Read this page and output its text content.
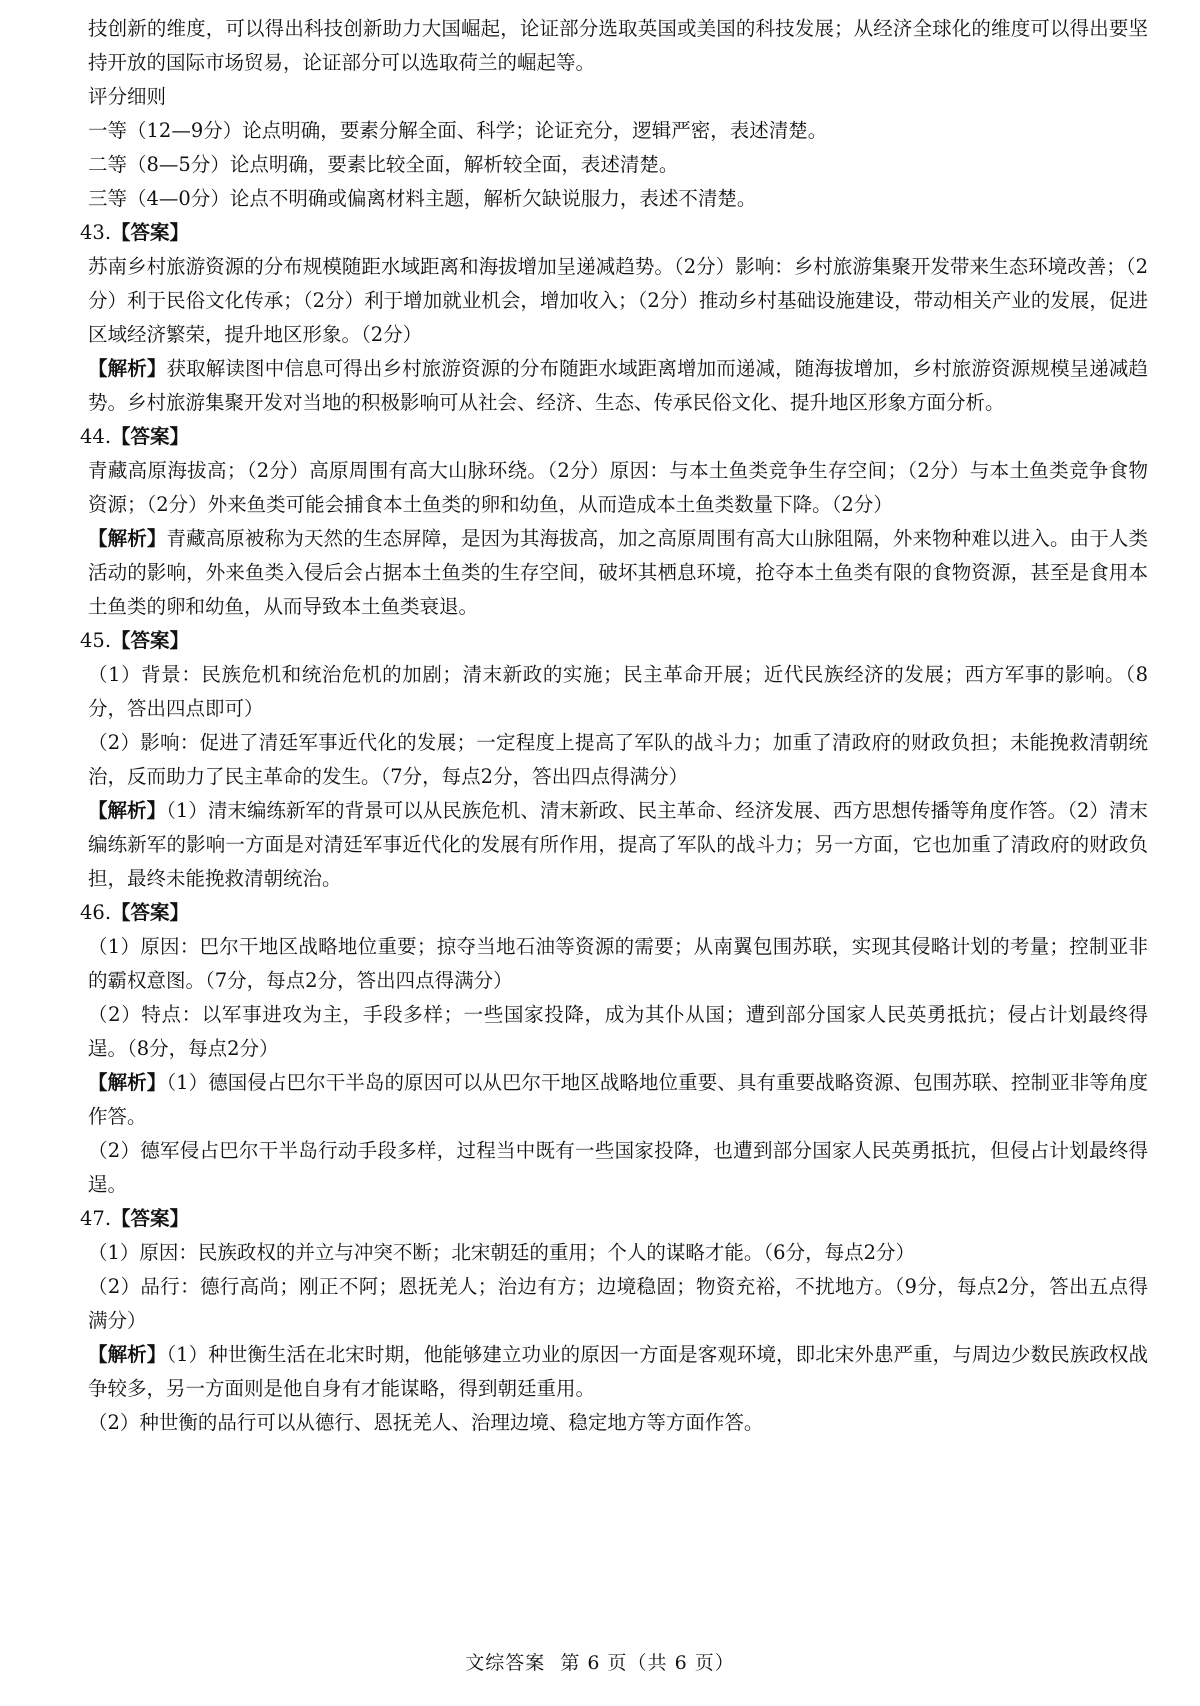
技创新的维度，可以得出科技创新助力大国崛起，论证部分选取英国或美国的科技发展；从经济全球化的维度可以得出要坚持开放的国际市场贸易，论证部分可以选取荷兰的崛起等。

评分细则

一等（12—9分）论点明确，要素分解全面、科学；论证充分，逻辑严密，表述清楚。

二等（8—5分）论点明确，要素比较全面，解析较全面，表述清楚。

三等（4—0分）论点不明确或偏离材料主题，解析欠缺说服力，表述不清楚。

43.【答案】

苏南乡村旅游资源的分布规模随距水域距离和海拔增加呈递减趋势。（2分）影响：乡村旅游集聚开发带来生态环境改善；（2分）利于民俗文化传承；（2分）利于增加就业机会，增加收入；（2分）推动乡村基础设施建设，带动相关产业的发展，促进区域经济繁荣，提升地区形象。（2分）

【解析】获取解读图中信息可得出乡村旅游资源的分布随距水域距离增加而递减，随海拔增加，乡村旅游资源规模呈递减趋势。乡村旅游集聚开发对当地的积极影响可从社会、经济、生态、传承民俗文化、提升地区形象方面分析。

44.【答案】

青藏高原海拔高；（2分）高原周围有高大山脉环绕。（2分）原因：与本土鱼类竞争生存空间；（2分）与本土鱼类竞争食物资源；（2分）外来鱼类可能会捕食本土鱼类的卵和幼鱼，从而造成本土鱼类数量下降。（2分）

【解析】青藏高原被称为天然的生态屏障，是因为其海拔高，加之高原周围有高大山脉阻隔，外来物种难以进入。由于人类活动的影响，外来鱼类入侵后会占据本土鱼类的生存空间，破坏其栖息环境，抢夺本土鱼类有限的食物资源，甚至是食用本土鱼类的卵和幼鱼，从而导致本土鱼类衰退。

45.【答案】

（1）背景：民族危机和统治危机的加剧；清末新政的实施；民主革命开展；近代民族经济的发展；西方军事的影响。（8分，答出四点即可）

（2）影响：促进了清廷军事近代化的发展；一定程度上提高了军队的战斗力；加重了清政府的财政负担；未能挽救清朝统治，反而助力了民主革命的发生。（7分，每点2分，答出四点得满分）

【解析】（1）清末编练新军的背景可以从民族危机、清末新政、民主革命、经济发展、西方思想传播等角度作答。（2）清末编练新军的影响一方面是对清廷军事近代化的发展有所作用，提高了军队的战斗力；另一方面，它也加重了清政府的财政负担，最终未能挽救清朝统治。

46.【答案】

（1）原因：巴尔干地区战略地位重要；掠夺当地石油等资源的需要；从南翼包围苏联，实现其侵略计划的考量；控制亚非的霸权意图。（7分，每点2分，答出四点得满分）

（2）特点：以军事进攻为主，手段多样；一些国家投降，成为其仆从国；遭到部分国家人民英勇抵抗；侵占计划最终得逞。（8分，每点2分）

【解析】（1）德国侵占巴尔干半岛的原因可以从巴尔干地区战略地位重要、具有重要战略资源、包围苏联、控制亚非等角度作答。

（2）德军侵占巴尔干半岛行动手段多样，过程当中既有一些国家投降，也遭到部分国家人民英勇抵抗，但侵占计划最终得逞。

47.【答案】

（1）原因：民族政权的并立与冲突不断；北宋朝廷的重用；个人的谋略才能。（6分，每点2分）

（2）品行：德行高尚；刚正不阿；恩抚羌人；治边有方；边境稳固；物资充裕，不扰地方。（9分，每点2分，答出五点得满分）

【解析】（1）种世衡生活在北宋时期，他能够建立功业的原因一方面是客观环境，即北宋外患严重，与周边少数民族政权战争较多，另一方面则是他自身有才能谋略，得到朝廷重用。

（2）种世衡的品行可以从德行、恩抚羌人、治理边境、稳定地方等方面作答。

文综答案 第 6 页（共 6 页）
